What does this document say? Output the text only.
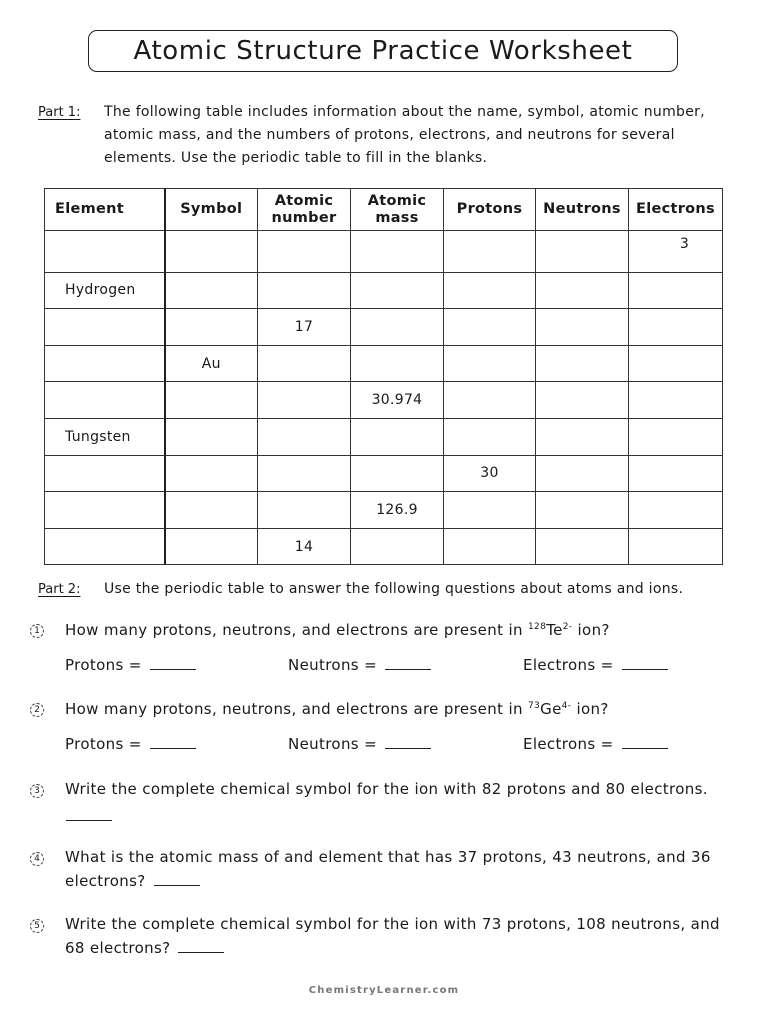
Atomic Structure Practice Worksheet
Part 1: The following table includes information about the name, symbol, atomic number,
atomic mass, and the numbers of protons, electrons, and neutrons for several
elements. Use the periodic table to fill in the blanks.
Element	Symbol	Atomic
number	Atomic
mass	Protons	Neutrons	Electrons
						3
Hydrogen						
		17				
	Au					
			30.974			
Tungsten						
				30		
			126.9			
		14				
Part 2: Use the periodic table to answer the following questions about atoms and ions.
1 How many protons, neutrons, and electrons are present in $^{128}Te^{2-}$ ion?
Protons =	Neutrons =	Electrons =
2 How many protons, neutrons, and electrons are present in $^{73}Ge^{4-}$ ion?
Protons =	Neutrons =	Electrons =
3 Write the complete chemical symbol for the ion with 82 protons and 80 electrons.
4 What is the atomic mass of and element that has 37 protons, 43 neutrons, and 36
electrons?
5 Write the complete chemical symbol for the ion with 73 protons, 108 neutrons, and
68 electrons?
ChemistryLearner.com
